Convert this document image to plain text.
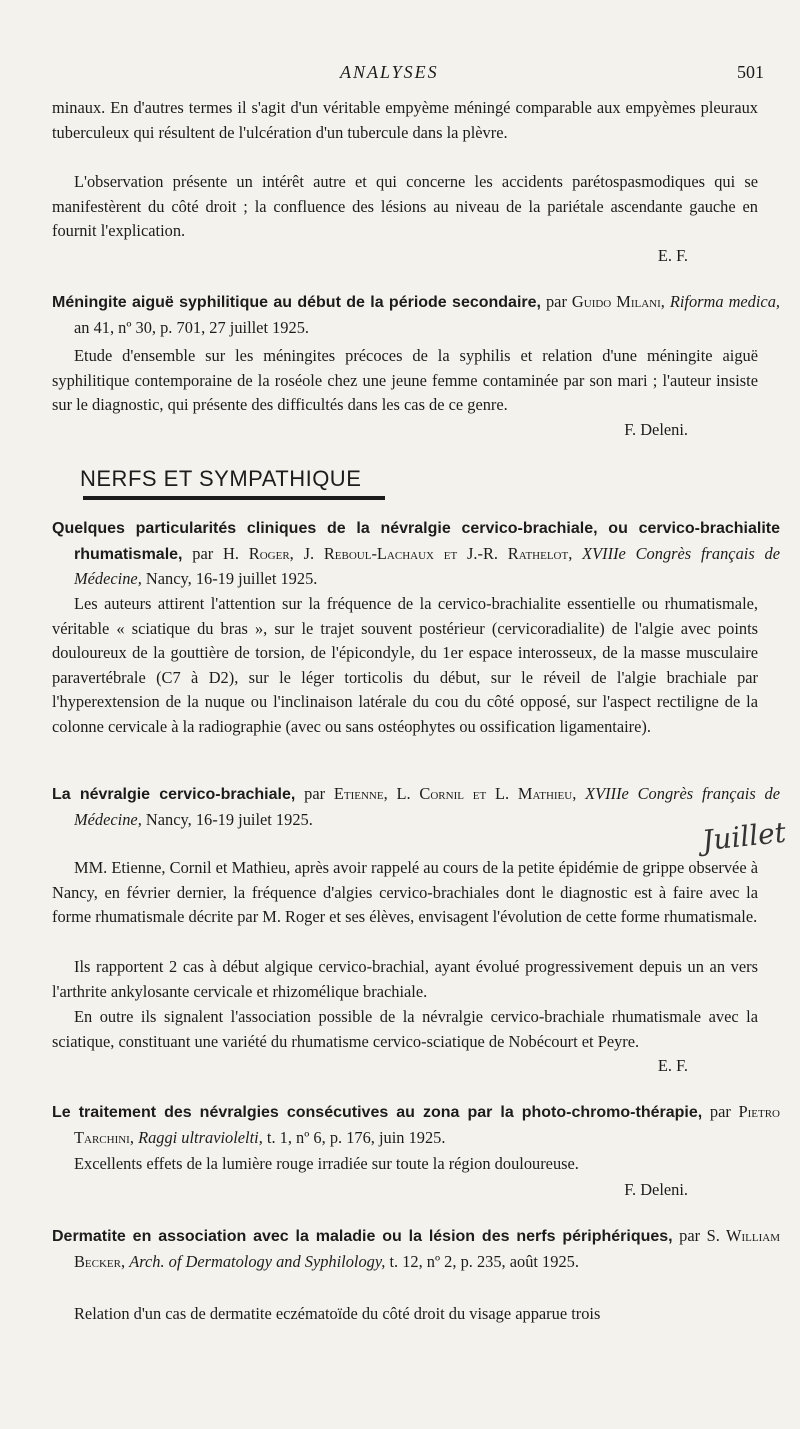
ANALYSES	501

minaux. En d'autres termes il s'agit d'un véritable empyème méningé comparable aux empyèmes pleuraux tuberculeux qui résultent de l'ulcération d'un tubercule dans la plèvre.

L'observation présente un intérêt autre et qui concerne les accidents parétospasmodiques qui se manifestèrent du côté droit ; la confluence des lésions au niveau de la pariétale ascendante gauche en fournit l'explication.

E. F.

Méningite aiguë syphilitique au début de la période secondaire, par Guido Milani, Riforma medica, an 41, nº 30, p. 701, 27 juillet 1925.

Etude d'ensemble sur les méningites précoces de la syphilis et relation d'une méningite aiguë syphilitique contemporaine de la roséole chez une jeune femme contaminée par son mari ; l'auteur insiste sur le diagnostic, qui présente des difficultés dans les cas de ce genre.

F. Deleni.

NERFS ET SYMPATHIQUE

Quelques particularités cliniques de la névralgie cervico-brachiale, ou cervico-brachialite rhumatismale, par H. Roger, J. Reboul-Lachaux et J.-R. Rathelot, XVIIIe Congrès français de Médecine, Nancy, 16-19 juillet 1925.

Les auteurs attirent l'attention sur la fréquence de la cervico-brachialite essentielle ou rhumatismale, véritable « sciatique du bras », sur le trajet souvent postérieur (cervicoradialite) de l'algie avec points douloureux de la gouttière de torsion, de l'épicondyle, du 1er espace interosseux, de la masse musculaire paravertébrale (C7 à D2), sur le léger torticolis du début, sur le réveil de l'algie brachiale par l'hyperextension de la nuque ou l'inclinaison latérale du cou du côté opposé, sur l'aspect rectiligne de la colonne cervicale à la radiographie (avec ou sans ostéophytes ou ossification ligamentaire).

La névralgie cervico-brachiale, par Etienne, L. Cornil et L. Mathieu, XVIIIe Congrès français de Médecine, Nancy, 16-19 juilet 1925.	Juillet

MM. Etienne, Cornil et Mathieu, après avoir rappelé au cours de la petite épidémie de grippe observée à Nancy, en février dernier, la fréquence d'algies cervico-brachiales dont le diagnostic est à faire avec la forme rhumatismale décrite par M. Roger et ses élèves, envisagent l'évolution de cette forme rhumatismale.

Ils rapportent 2 cas à début algique cervico-brachial, ayant évolué progressivement depuis un an vers l'arthrite ankylosante cervicale et rhizomélique brachiale.

En outre ils signalent l'association possible de la névralgie cervico-brachiale rhumatismale avec la sciatique, constituant une variété du rhumatisme cervico-sciatique de Nobécourt et Peyre.

E. F.

Le traitement des névralgies consécutives au zona par la photo-chromo-thérapie, par Pietro Tarchini, Raggi ultraviolelti, t. 1, nº 6, p. 176, juin 1925.

Excellents effets de la lumière rouge irradiée sur toute la région douloureuse.

F. Deleni.

Dermatite en association avec la maladie ou la lésion des nerfs périphériques, par S. William Becker, Arch. of Dermatology and Syphilology, t. 12, nº 2, p. 235, août 1925.

Relation d'un cas de dermatite eczématoïde du côté droit du visage apparue trois
